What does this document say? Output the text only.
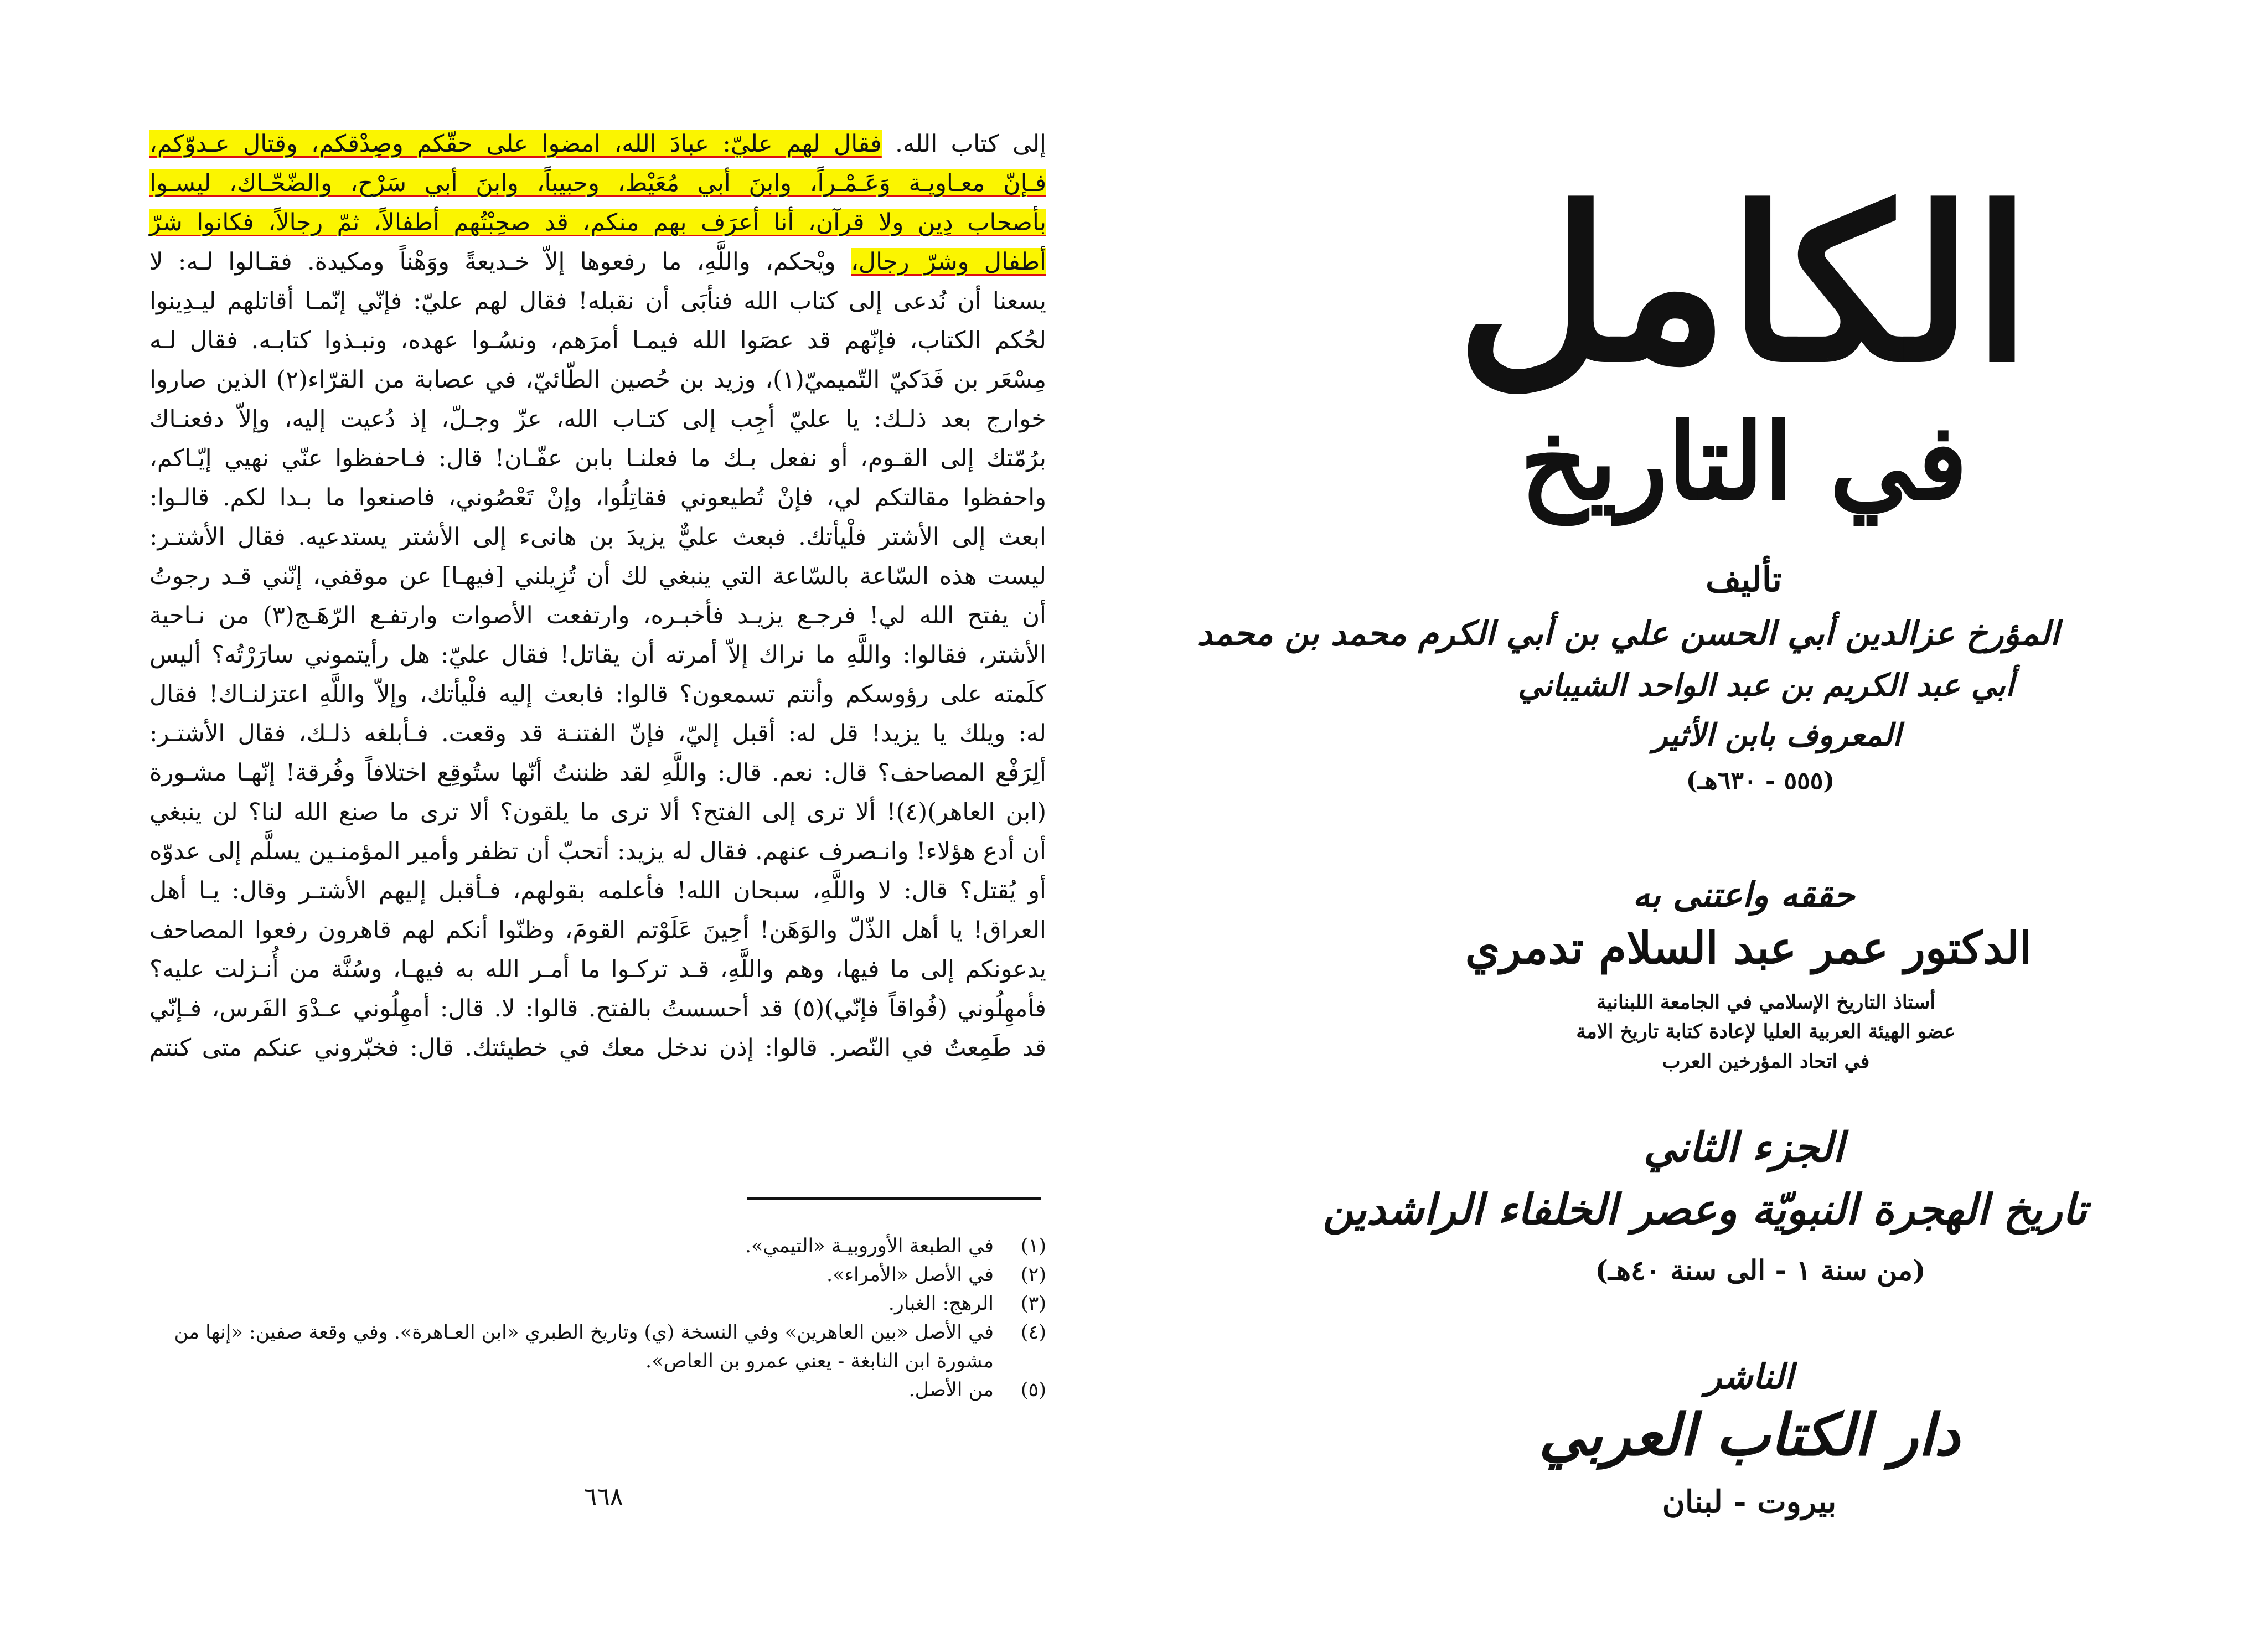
إلى كتاب الله. فقال لهم عليّ: عبادَ الله، امضوا على حقّكم وصِدْقكم، وقتال عـدوّكم،
فـإنّ معـاويـة وَعَـمْـراً، وابنَ أبي مُعَيْط، وحبيباً، وابنَ أبي سَرْح، والضّحّـاك، ليسـوا
بأصحاب دِين ولا قرآن، أنا أعرَف بهم منكم، قد صحِبْتُهم أطفالاً، ثمّ رجالاً، فكانوا شرّ
أطفال وشرّ رجال، ويْحكم، واللَّهِ، ما رفعوها إلاّ خـديعةً ووَهْناً ومكيدة. فقـالوا لـه: لا
يسعنا أن نُدعى إلى كتاب الله فنأبَى أن نقبله! فقال لهم عليّ: فإنّي إنّمـا أقاتلهم ليـدِينوا
لحُكم الكتاب، فإنّهم قد عصَوا الله فيمـا أمرَهم، ونسُـوا عهده، ونبـذوا كتابـه. فقال لـه
مِسْعَر بن فَدَكيّ التّميميّ(١)، وزيد بن حُصين الطّائيّ، في عصابة من القرّاء(٢) الذين صاروا
خوارج بعد ذلـك: يا عليّ أجِب إلى كتـاب الله، عزّ وجـلّ، إذ دُعيت إليه، وإلاّ دفعنـاك
برُمّتك إلى القـوم، أو نفعل بـك ما فعلنـا بابن عفّـان! قال: فـاحفظوا عنّي نهيي إيّـاكم،
واحفظوا مقالتكم لي، فإنْ تُطيعوني فقاتِلُوا، وإنْ تَعْصُوني، فاصنعوا ما بـدا لكم. قالـوا:
ابعث إلى الأشتر فلْيأتك. فبعث عليٌّ يزيدَ بن هانىء إلى الأشتر يستدعيه. فقال الأشتـر:
ليست هذه السّاعة بالسّاعة التي ينبغي لك أن تُزِيلني [فيهـا] عن موقفي، إنّني قـد رجوتُ
أن يفتح الله لي! فرجـع يزيـد فأخبـره، وارتفعت الأصوات وارتفـع الرّهَـج(٣) من نـاحية
الأشتر، فقالوا: واللَّهِ ما نراك إلاّ أمرته أن يقاتل! فقال عليّ: هل رأيتموني سارَرْتُه؟ أليس
كلَمته على رؤوسكم وأنتم تسمعون؟ قالوا: فابعث إليه فلْيأتك، وإلاّ واللَّهِ اعتزلنـاك! فقال
له: ويلك يا يزيد! قل له: أقبل إليّ، فإنّ الفتنـة قد وقعت. فـأبلغه ذلـك، فقال الأشتـر:
ألِرَفْع المصاحف؟ قال: نعم. قال: واللَّهِ لقد ظننتُ أنّها ستُوقِع اختلافاً وفُرقة! إنّهـا مشـورة
(ابن العاهر)(٤)! ألا ترى إلى الفتح؟ ألا ترى ما يلقون؟ ألا ترى ما صنع الله لنا؟ لن ينبغي
أن أدع هؤلاء! وانـصرف عنهم. فقال له يزيد: أتحبّ أن تظفر وأمير المؤمنـين يسلَّم إلى عدوّه
أو يُقتل؟ قال: لا واللَّهِ، سبحان الله! فأعلمه بقولهم، فـأقبل إليهم الأشتـر وقال: يـا أهل
العراق! يا أهل الذّلّ والوَهَن! أحِينَ عَلَوْتم القومَ، وظنّوا أنكم لهم قاهرون رفعوا المصاحف
يدعونكم إلى ما فيها، وهم واللَّهِ، قـد تركـوا ما أمـر الله به فيهـا، وسُنَّة من أُنـزلت عليه؟
فأمهِلُوني (فُواقاً فإنّي)(٥) قد أحسستُ بالفتح. قالوا: لا. قال: أمهِلُوني عـدْوَ الفَرس، فـإنّي
قد طَمِعتُ في النّصر. قالوا: إذن ندخل معك في خطيئتك. قال: فخبّروني عنكم متى كنتم
(١)
في الطبعة الأوروبيـة «التيمي».
(٢)
في الأصل «الأمراء».
(٣)
الرهج: الغبار.
(٤)
في الأصل «بين العاهرين» وفي النسخة (ي) وتاريخ الطبري «ابن العـاهرة». وفي وقعة صفين: «إنها من
مشورة ابن النابغة - يعني عمرو بن العاص».
(٥)
من الأصل.
٦٦٨
الكامل
في التاريخ
تأليف
المؤرخ عزالدين أبي الحسن علي بن أبي الكرم محمد بن محمد
أبي عبد الكريم بن عبد الواحد الشيباني
المعروف بابن الأثير
(٥٥٥ - ٦٣٠هـ)
حققه واعتنى به
الدكتور عمر عبد السلام تدمري
أستاذ التاريخ الإسلامي في الجامعة اللبنانية
عضو الهيئة العربية العليا لإعادة كتابة تاريخ الامة
في اتحاد المؤرخين العرب
الجزء الثاني
تاريخ الهجرة النبويّة وعصر الخلفاء الراشدين
(من سنة ١ - الى سنة ٤٠هـ)
الناشر
دار الكتاب العربي
بيروت - لبنان
